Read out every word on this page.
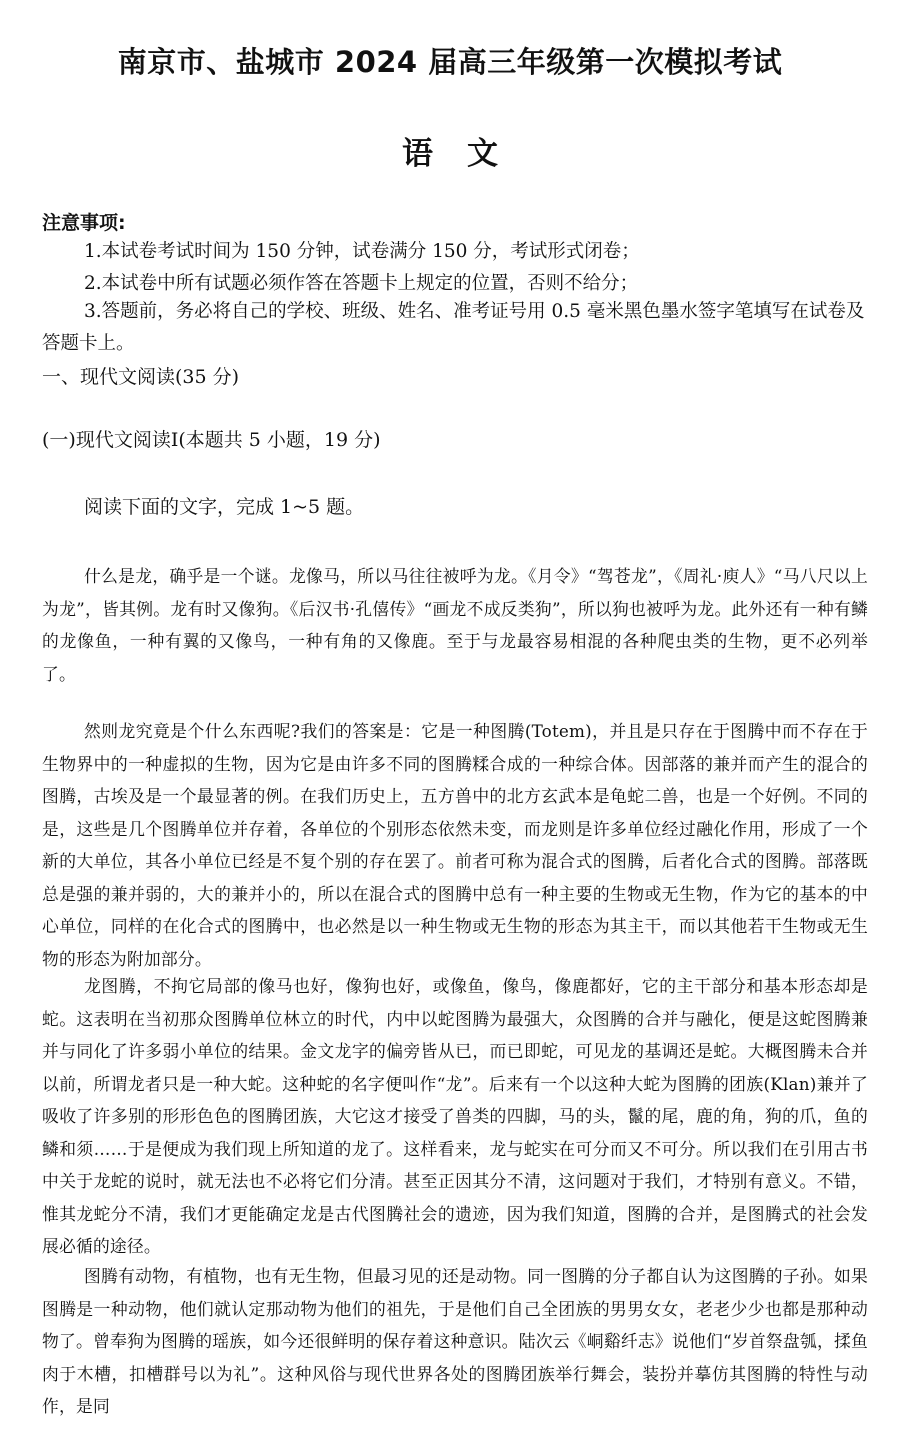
南京市、盐城市 2024 届高三年级第一次模拟考试
语文
注意事项:
1.本试卷考试时间为 150 分钟，试卷满分 150 分，考试形式闭卷；
2.本试卷中所有试题必须作答在答题卡上规定的位置，否则不给分；
3.答题前，务必将自己的学校、班级、姓名、准考证号用 0.5 毫米黑色墨水签字笔填写在试卷及答题卡上。
一、现代文阅读(35 分)
(一)现代文阅读Ⅰ(本题共 5 小题，19 分)
阅读下面的文字，完成 1~5 题。
什么是龙，确乎是一个谜。龙像马，所以马往往被呼为龙。《月令》“驾苍龙”，《周礼·庾人》“马八尺以上为龙”，皆其例。龙有时又像狗。《后汉书·孔僖传》“画龙不成反类狗”，所以狗也被呼为龙。此外还有一种有鳞的龙像鱼，一种有翼的又像鸟，一种有角的又像鹿。至于与龙最容易相混的各种爬虫类的生物，更不必列举了。
然则龙究竟是个什么东西呢?我们的答案是：它是一种图腾(Totem)，并且是只存在于图腾中而不存在于生物界中的一种虚拟的生物，因为它是由许多不同的图腾糅合成的一种综合体。因部落的兼并而产生的混合的图腾，古埃及是一个最显著的例。在我们历史上，五方兽中的北方玄武本是龟蛇二兽，也是一个好例。不同的是，这些是几个图腾单位并存着，各单位的个别形态依然未变，而龙则是许多单位经过融化作用，形成了一个新的大单位，其各小单位已经是不复个别的存在罢了。前者可称为混合式的图腾，后者化合式的图腾。部落既总是强的兼并弱的，大的兼并小的，所以在混合式的图腾中总有一种主要的生物或无生物，作为它的基本的中心单位，同样的在化合式的图腾中，也必然是以一种生物或无生物的形态为其主干，而以其他若干生物或无生物的形态为附加部分。
龙图腾，不拘它局部的像马也好，像狗也好，或像鱼，像鸟，像鹿都好，它的主干部分和基本形态却是蛇。这表明在当初那众图腾单位林立的时代，内中以蛇图腾为最强大，众图腾的合并与融化，便是这蛇图腾兼并与同化了许多弱小单位的结果。金文龙字的偏旁皆从已，而已即蛇，可见龙的基调还是蛇。大概图腾未合并以前，所谓龙者只是一种大蛇。这种蛇的名字便叫作“龙”。后来有一个以这种大蛇为图腾的团族(Klan)兼并了吸收了许多别的形形色色的图腾团族，大它这才接受了兽类的四脚，马的头，鬣的尾，鹿的角，狗的爪，鱼的鳞和须……于是便成为我们现上所知道的龙了。这样看来，龙与蛇实在可分而又不可分。所以我们在引用古书中关于龙蛇的说时，就无法也不必将它们分清。甚至正因其分不清，这问题对于我们，才特别有意义。不错，惟其龙蛇分不清，我们才更能确定龙是古代图腾社会的遗迹，因为我们知道，图腾的合并，是图腾式的社会发展必循的途径。
图腾有动物，有植物，也有无生物，但最习见的还是动物。同一图腾的分子都自认为这图腾的子孙。如果图腾是一种动物，他们就认定那动物为他们的祖先，于是他们自己全团族的男男女女，老老少少也都是那种动物了。曾奉狗为图腾的瑶族，如今还很鲜明的保存着这种意识。陆次云《峒谿纤志》说他们“岁首祭盘瓠，揉鱼肉于木槽，扣槽群号以为礼”。这种风俗与现代世界各处的图腾团族举行舞会，装扮并摹仿其图腾的特性与动作，是同
